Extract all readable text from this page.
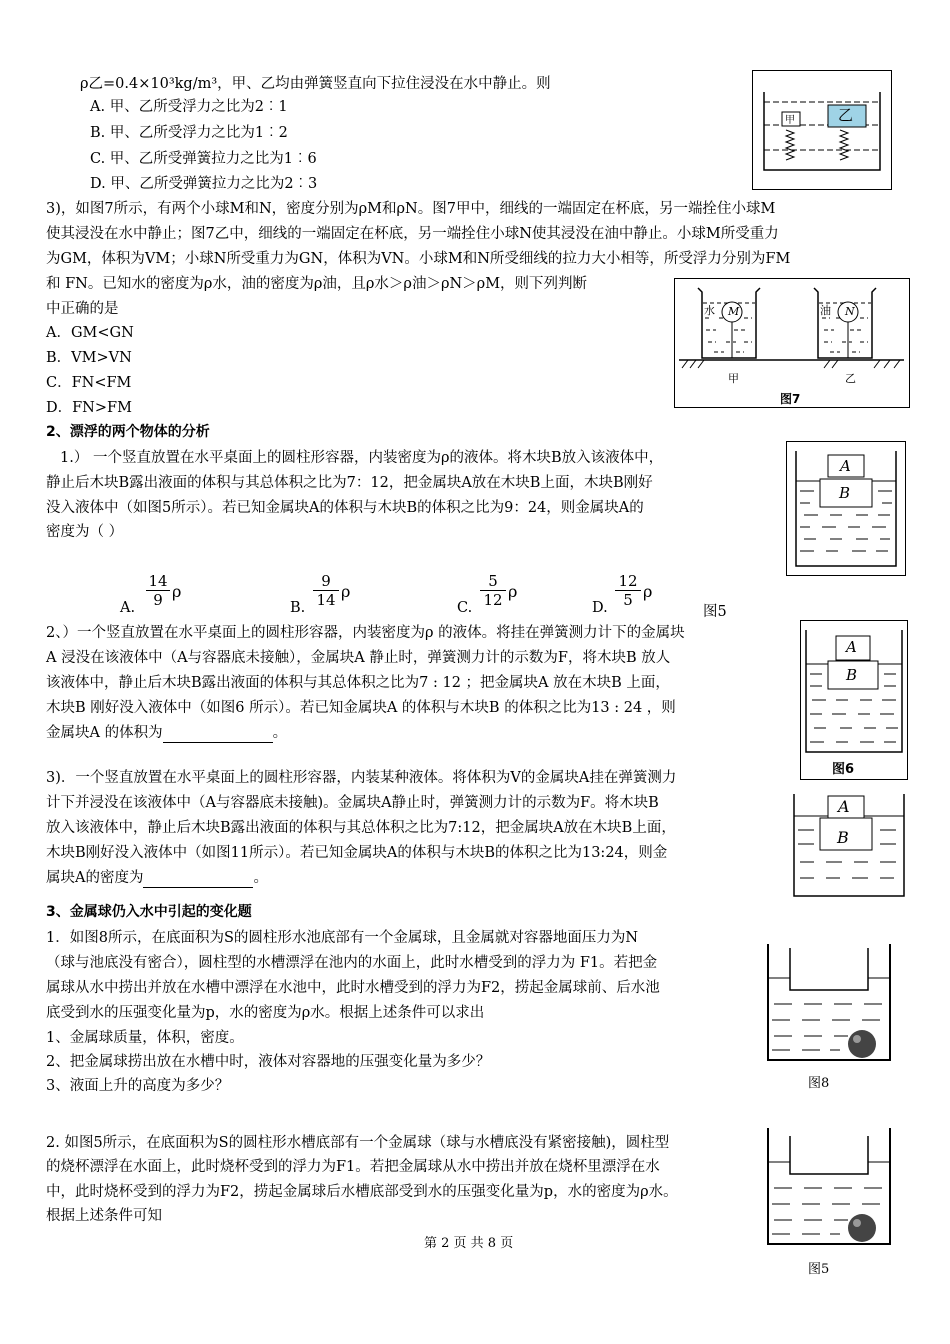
ρ乙=0.4×10³kg/m³，甲、乙均由弹簧竖直向下拉住浸没在水中静止。则
A. 甲、乙所受浮力之比为2︰1
B. 甲、乙所受浮力之比为1︰2
C. 甲、乙所受弹簧拉力之比为1︰6
D. 甲、乙所受弹簧拉力之比为2︰3
甲	乙
3)，如图7所示，有两个小球M和N，密度分别为ρM和ρN。图7甲中，细线的一端固定在杯底，另一端拴住小球M
使其浸没在水中静止；图7乙中，细线的一端固定在杯底，另一端拴住小球N使其浸没在油中静止。小球M所受重力
为GM，体积为VM；小球N所受重力为GN，体积为VN。小球M和N所受细线的拉力大小相等，所受浮力分别为FM
和 FN。已知水的密度为ρ水，油的密度为ρ油，且ρ水＞ρ油＞ρN＞ρM，则下列判断
中正确的是
A．GM<GN
B．VM>VN
C．FN<FM
D．FN>FM
水 M	油 N
甲	乙
图7
2、漂浮的两个物体的分析
1.） 一个竖直放置在水平桌面上的圆柱形容器，内装密度为ρ的液体。将木块B放入该液体中，
静止后木块B露出液面的体积与其总体积之比为7：12，把金属块A放在木块B上面，木块B刚好
没入液体中（如图5所示）。若已知金属块A的体积与木块B的体积之比为9：24，则金属块A的
密度为（ ）
A
B
A. $\frac{14}{9}$ ρ
B. $\frac{9}{14}$ ρ
C. $\frac{5}{12}$ ρ
D. $\frac{12}{5}$ ρ
图5
2、）一个竖直放置在水平桌面上的圆柱形容器，内装密度为ρ 的液体。将挂在弹簧测力计下的金属块
A 浸没在该液体中（A与容器底未接触），金属块A 静止时，弹簧测力计的示数为F，将木块B 放人
该液体中，静止后木块B露出液面的体积与其总体积之比为7 : 12 ；把金属块A 放在木块B 上面，
木块B 刚好没入液体中（如图6 所示）。若已知金属块A 的体积与木块B 的体积之比为13 : 24 ，则
金属块A 的体积为	。
A
B
图6
3)．一个竖直放置在水平桌面上的圆柱形容器，内装某种液体。将体积为V的金属块A挂在弹簧测力
计下并浸没在该液体中（A与容器底未接触)。金属块A静止时，弹簧测力计的示数为F。将木块B
放入该液体中，静止后木块B露出液面的体积与其总体积之比为7:12，把金属块A放在木块B上面，
木块B刚好没入液体中（如图11所示）。若已知金属块A的体积与木块B的体积之比为13:24，则金
属块A的密度为	。
A
B
3、金属球仍入水中引起的变化题
1．如图8所示，在底面积为S的圆柱形水池底部有一个金属球，且金属就对容器地面压力为N
（球与池底没有密合），圆柱型的水槽漂浮在池内的水面上，此时水槽受到的浮力为 F1。若把金
属球从水中捞出并放在水槽中漂浮在水池中，此时水槽受到的浮力为F2，捞起金属球前、后水池
底受到水的压强变化量为p，水的密度为ρ水。根据上述条件可以求出
1、金属球质量，体积，密度。
2、把金属球捞出放在水槽中时，液体对容器地的压强变化量为多少？
3、液面上升的高度为多少？	图8
2. 如图5所示，在底面积为S的圆柱形水槽底部有一个金属球（球与水槽底没有紧密接触)，圆柱型
的烧杯漂浮在水面上，此时烧杯受到的浮力为F1。若把金属球从水中捞出并放在烧杯里漂浮在水
中，此时烧杯受到的浮力为F2，捞起金属球后水槽底部受到水的压强变化量为p，水的密度为ρ水。
根据上述条件可知
图5
第 2 页 共 8 页
